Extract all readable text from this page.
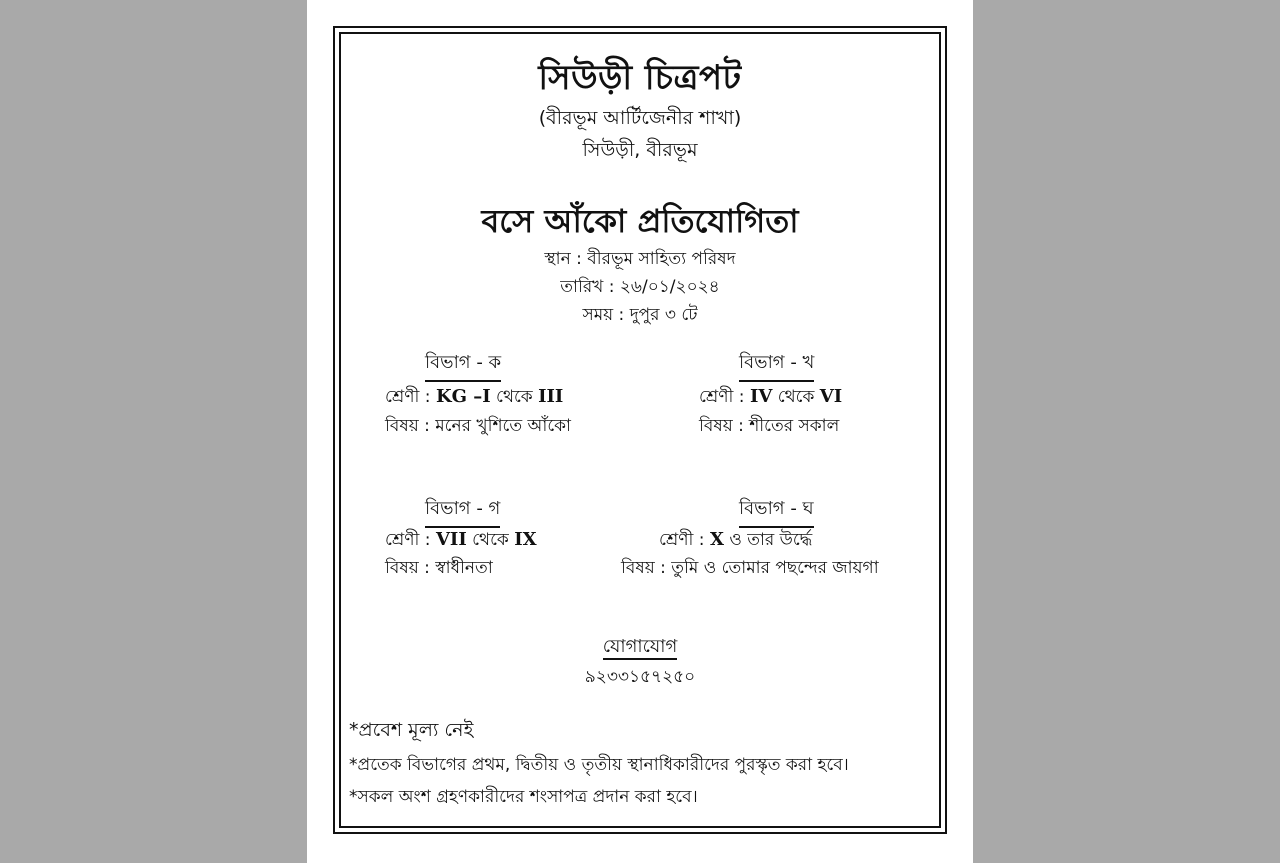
সিউড়ী চিত্রপট
(বীরভূম আর্টিজেনীর শাখা)
সিউড়ী, বীরভূম
বসে আঁকো প্রতিযোগিতা
স্থান : বীরভূম সাহিত্য পরিষদ
তারিখ : ২৬/০১/২০২৪
সময় : দুপুর ৩ টে
বিভাগ - ক
শ্রেণী : KG –I থেকে III
বিষয় : মনের খুশিতে আঁকো
বিভাগ - খ
শ্রেণী : IV থেকে VI
বিষয় : শীতের সকাল
বিভাগ - গ
শ্রেণী : VII থেকে IX
বিষয় : স্বাধীনতা
বিভাগ - ঘ
শ্রেণী : X ও তার উর্দ্ধে
বিষয় : তুমি ও তোমার পছন্দের জায়গা
যোগাযোগ
৯২৩৩১৫৭২৫০
*প্রবেশ মূল্য নেই
*প্রতেক বিভাগের প্রথম, দ্বিতীয় ও তৃতীয় স্থানাধিকারীদের পুরস্কৃত করা হবে।
*সকল অংশ গ্রহণকারীদের শংসাপত্র প্রদান করা হবে।
